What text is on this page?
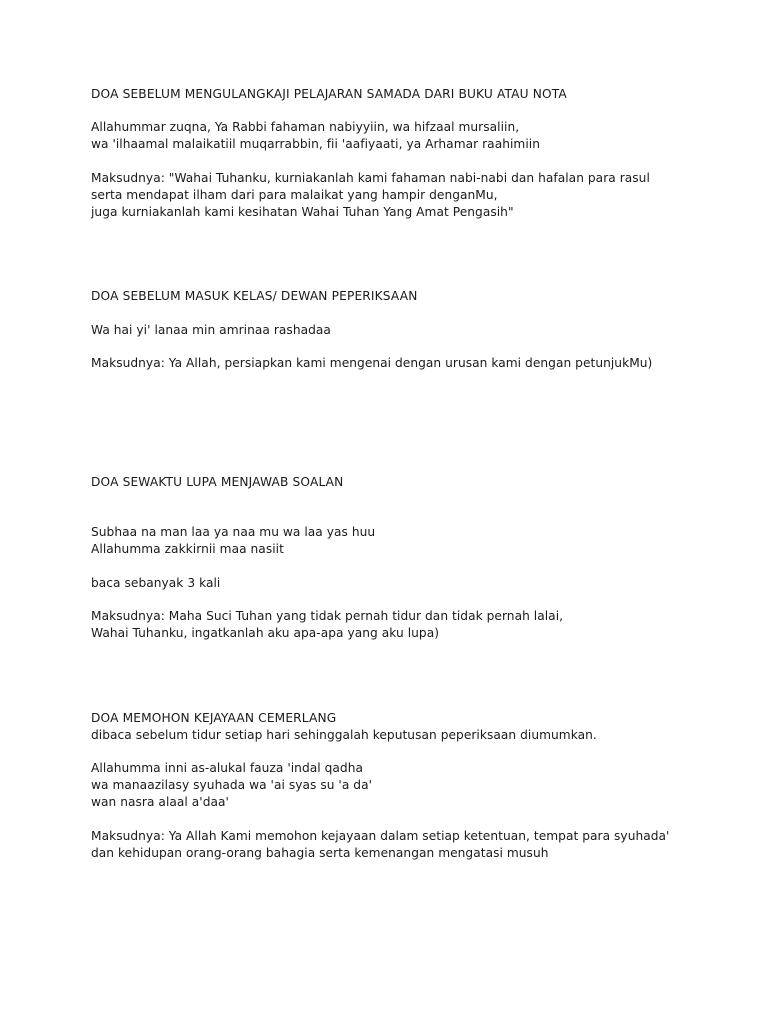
DOA SEBELUM MENGULANGKAJI PELAJARAN SAMADA DARI BUKU ATAU NOTA
Allahummar zuqna, Ya Rabbi fahaman nabiyyiin, wa hifzaal mursaliin,
wa 'ilhaamal malaikatiil muqarrabbin, fii 'aafiyaati, ya Arhamar raahimiin
Maksudnya: "Wahai Tuhanku, kurniakanlah kami fahaman nabi-nabi dan hafalan para rasul
serta mendapat ilham dari para malaikat yang hampir denganMu,
juga kurniakanlah kami kesihatan Wahai Tuhan Yang Amat Pengasih"
DOA SEBELUM MASUK KELAS/ DEWAN PEPERIKSAAN
Wa hai yi' lanaa min amrinaa rashadaa
Maksudnya: Ya Allah, persiapkan kami mengenai dengan urusan kami dengan petunjukMu)
DOA SEWAKTU LUPA MENJAWAB SOALAN
Subhaa na man laa ya naa mu wa laa yas huu
Allahumma zakkirnii maa nasiit
baca sebanyak 3 kali
Maksudnya: Maha Suci Tuhan yang tidak pernah tidur dan tidak pernah lalai,
Wahai Tuhanku, ingatkanlah aku apa-apa yang aku lupa)
DOA MEMOHON KEJAYAAN CEMERLANG
dibaca sebelum tidur setiap hari sehinggalah keputusan peperiksaan diumumkan.
Allahumma inni as-alukal fauza 'indal qadha
wa manaazilasy syuhada wa 'ai syas su 'a da'
wan nasra alaal a'daa'
Maksudnya: Ya Allah Kami memohon kejayaan dalam setiap ketentuan, tempat para syuhada'
dan kehidupan orang-orang bahagia serta kemenangan mengatasi musuh
